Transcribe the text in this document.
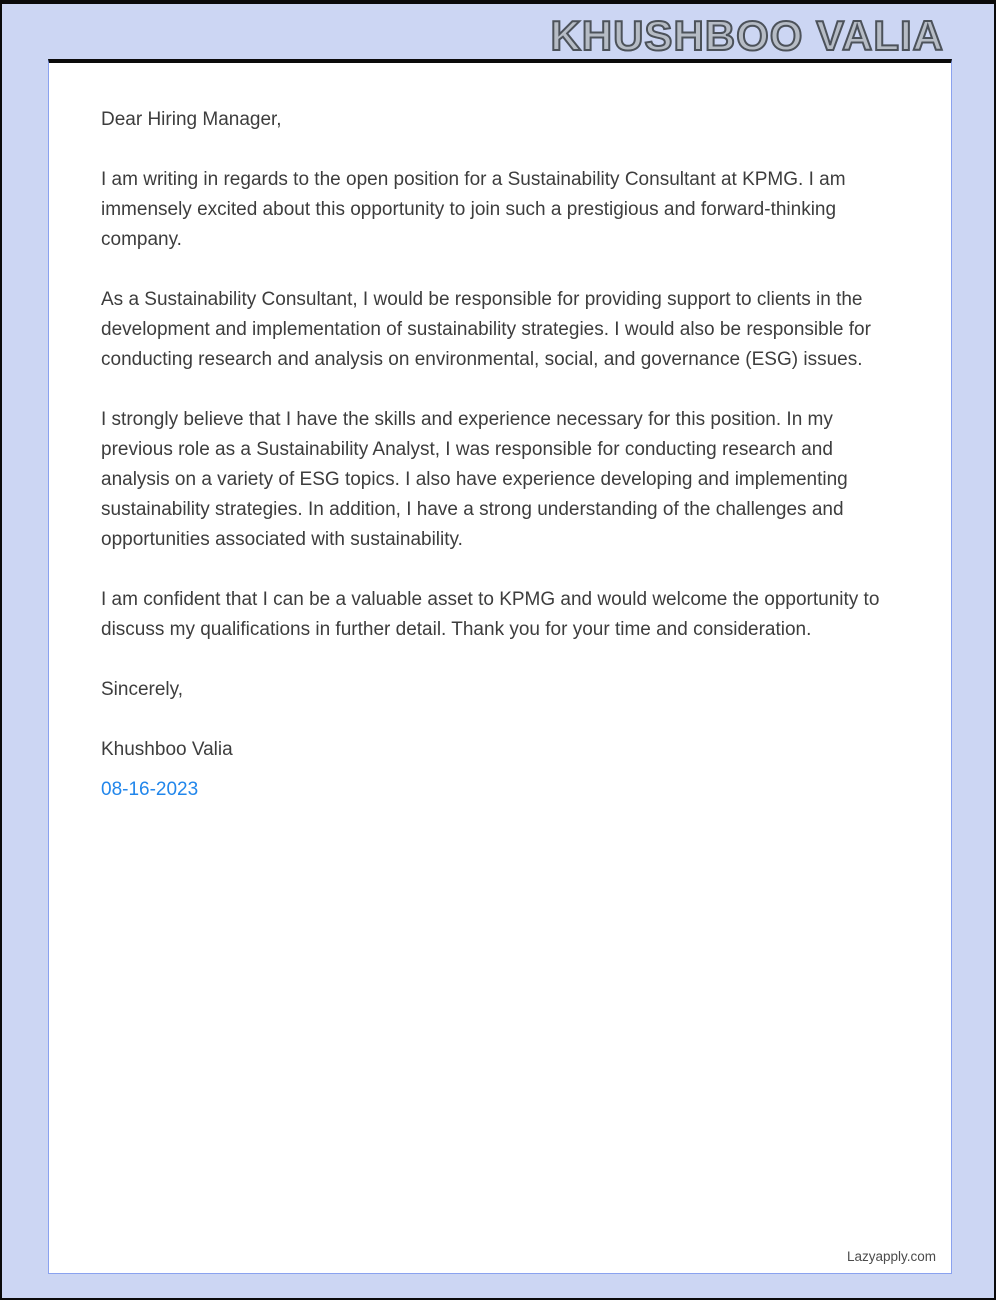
KHUSHBOO VALIA

Dear Hiring Manager,

I am writing in regards to the open position for a Sustainability Consultant at KPMG. I am immensely excited about this opportunity to join such a prestigious and forward-thinking company.

As a Sustainability Consultant, I would be responsible for providing support to clients in the development and implementation of sustainability strategies. I would also be responsible for conducting research and analysis on environmental, social, and governance (ESG) issues.

I strongly believe that I have the skills and experience necessary for this position. In my previous role as a Sustainability Analyst, I was responsible for conducting research and analysis on a variety of ESG topics. I also have experience developing and implementing sustainability strategies. In addition, I have a strong understanding of the challenges and opportunities associated with sustainability.

I am confident that I can be a valuable asset to KPMG and would welcome the opportunity to discuss my qualifications in further detail. Thank you for your time and consideration.

Sincerely,

Khushboo Valia

08-16-2023

Lazyapply.com
